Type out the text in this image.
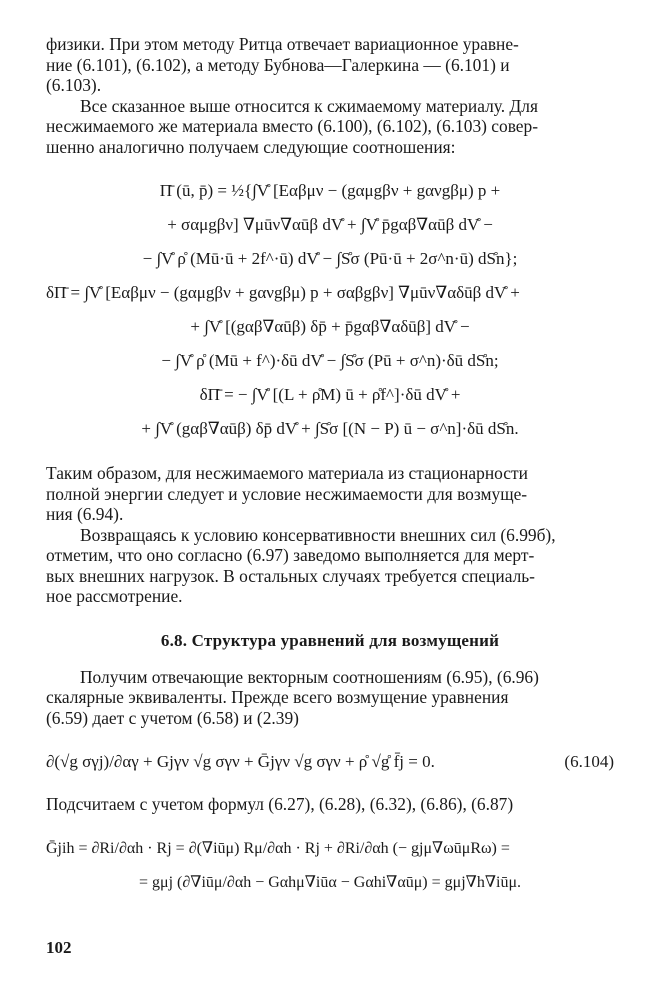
физики. При этом методу Ритца отвечает вариационное уравне-

ние (6.101), (6.102), а методу Бубнова—Галеркина — (6.101) и

(6.103).

Все сказанное выше относится к сжимаемому материалу. Для

несжимаемого же материала вместо (6.100), (6.102), (6.103) совер-

шенно аналогично получаем следующие соотношения:

Π̄ (ū, p̄) = ½{∫V̊ [Eαβμν − (gαμgβν + gανgβμ) p +
+ σαμgβν] ∇μūν∇αūβ dV̊ + ∫V̊ p̄gαβ∇αūβ dV̊ −
− ∫V̊ ρ̊ (Mū·ū + 2f^·ū) dV̊ − ∫S̊σ (Pū·ū + 2σ^n·ū) dS̊n};
δΠ̄ = ∫V̊ [Eαβμν − (gαμgβν + gανgβμ) p + σαβgβν] ∇μūν∇αδūβ dV̊ +
+ ∫V̊ [(gαβ∇αūβ) δp̄ + p̄gαβ∇αδūβ] dV̊ −
− ∫V̊ ρ̊ (Mū + f^)·δū dV̊ − ∫S̊σ (Pū + σ^n)·δū dS̊n;
δΠ̄ = − ∫V̊ [(L + ρ̊M) ū + ρ̊f^]·δū dV̊ +
+ ∫V̊ (gαβ∇αūβ) δp̄ dV̊ + ∫S̊σ [(N − P) ū − σ^n]·δū dS̊n.

Таким образом, для несжимаемого материала из стационарности

полной энергии следует и условие несжимаемости для возмуще-

ния (6.94).

Возвращаясь к условию консервативности внешних сил (6.99б),

отметим, что оно согласно (6.97) заведомо выполняется для мерт-

вых внешних нагрузок. В остальных случаях требуется специаль-

ное рассмотрение.

6.8. Структура уравнений для возмущений

Получим отвечающие векторным соотношениям (6.95), (6.96)

скалярные эквиваленты. Прежде всего возмущение уравнения

(6.59) дает с учетом (6.58) и (2.39)

∂(√g σγj)/∂αγ + Gjγν √g σγν + Ḡjγν √g σγν + ρ̊ √g̊ f̄j = 0.	(6.104)

Подсчитаем с учетом формул (6.27), (6.28), (6.32), (6.86), (6.87)

Ḡjih = ∂Ri/∂αh · Rj = ∂(∇iūμ) Rμ/∂αh · Rj + ∂Ri/∂αh (− gjμ∇ωūμRω) =
= gμj (∂∇iūμ/∂αh − Gαhμ∇iūα − Gαhi∇αūμ) = gμj∇h∇iūμ.
102
